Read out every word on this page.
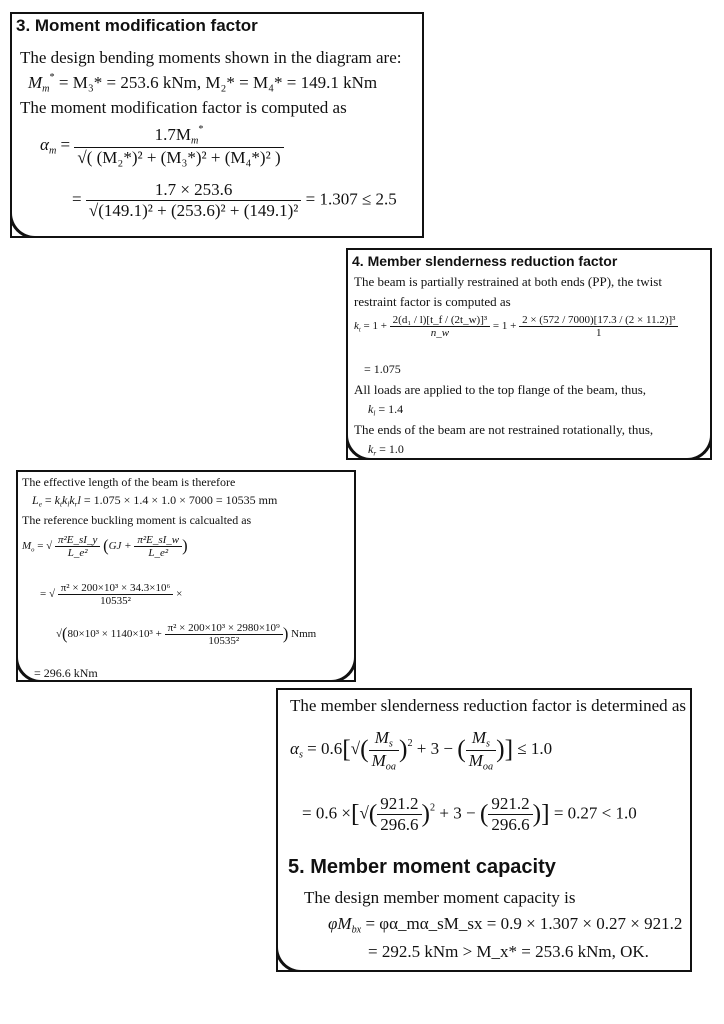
3. Moment modification factor
The design bending moments shown in the diagram are:
$M_m^* = M_3* = 253.6$ kNm, M₂* = M₄* = 149.1 kNm
The moment modification factor is computed as
$\alpha_m = \frac{1.7M_m^*}{\text{√( (M₂*)² + (M₃*)² + (M₄*)² )}}$
= $\frac{1.7 \times 253.6}{\text{√(149.1)² + (253.6)² + (149.1)²}} = 1.307 \le 2.5$
4. Member slenderness reduction factor
The beam is partially restrained at both ends (PP), the twist
restraint factor is computed as
$k_t = 1 + \frac{\text{2(d₁ / l)[t\_f / (2t\_w)]³}}{n\_w} = 1 + \frac{\text{2 × (572 / 7000)[17.3 / (2 × 11.2)]³}}{1}$
= 1.075
All loads are applied to the top flange of the beam, thus,
$k_l = 1.4$
The ends of the beam are not restrained rotationally, thus,
$k_r = 1.0$
The effective length of the beam is therefore
$L_e = k_tk_lk_rl = 1.075 \times 1.4 \times 1.0 \times 7000 = 10535$ mm
The reference buckling moment is calcualted as
$M_o$ = √ $\frac{\text{π²E\_sI\_y}}{\text{L\_e²}} (GJ + \frac{\text{π²E\_sI\_w}}{\text{L\_e²}}$ )
= √ $\frac{\text{π² × 200×10³ × 34.3×10⁶}}{\text{10535²}}$ ×
$√(80\times 10^3 \times 1140\times 10^3 + \frac{\text{π² × 200×10³ × 2980×10⁹}}{\text{10535²}}$ ) Nmm
= 296.6 kNm
The member slenderness reduction factor is determined as
$\alpha_s = 0.6[√( \frac{M_s}{M_{oa}} )^2 + 3$ − ( $\frac{M_s}{M_{oa}}$ )] ≤ 1.0
= 0.6 ×[√( $\frac{921.2}{296.6} )^2 + 3$ − ( $\frac{921.2}{296.6}$ )] = 0.27 < 1.0
5. Member moment capacity
The design member moment capacity is
$\varphi M_{bx}$ = φα_mα_sM_sx = 0.9 × 1.307 × 0.27 × 921.2
= 292.5 kNm > M_x* = 253.6 kNm, OK.
